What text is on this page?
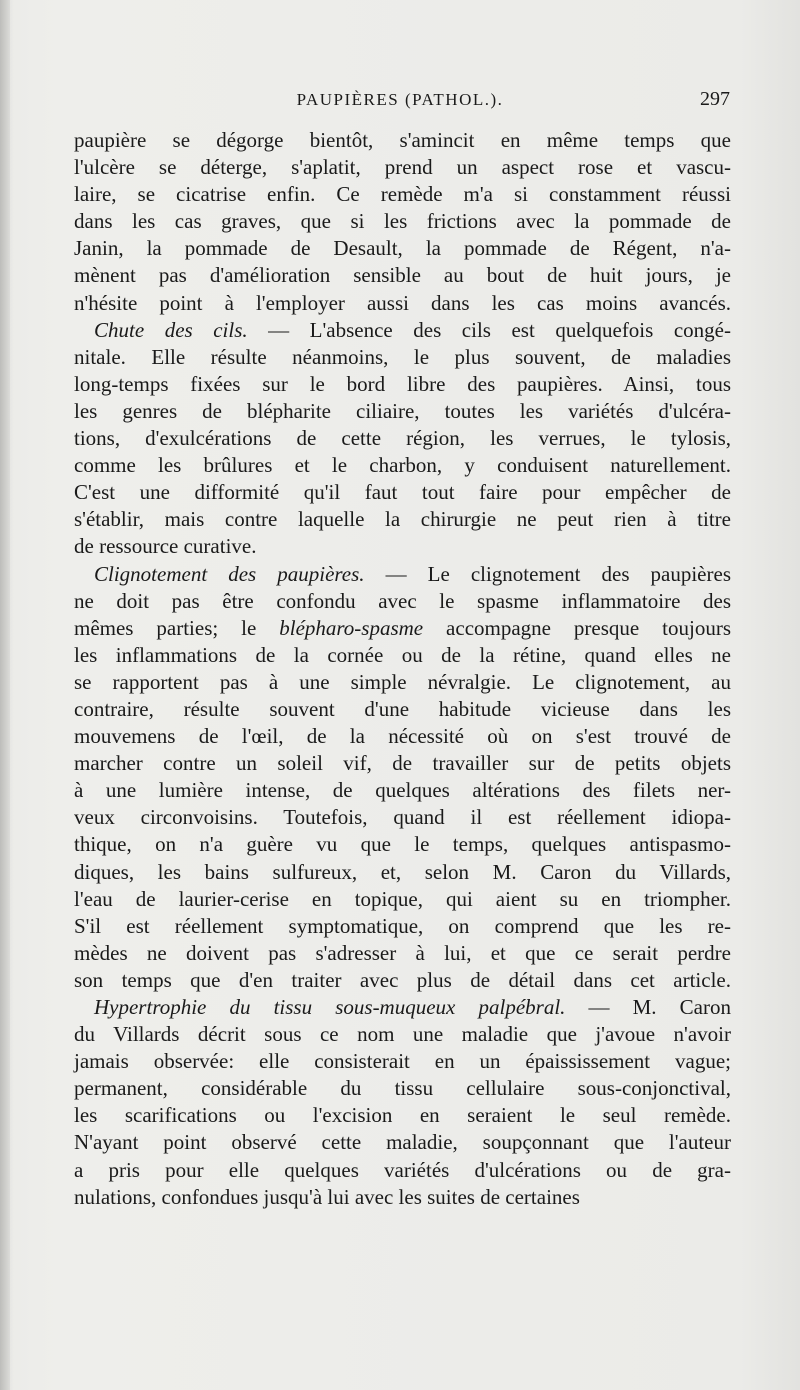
PAUPIÈRES (PATHOL.).	297
paupière se dégorge bientôt, s'amincit en même temps que
l'ulcère se déterge, s'aplatit, prend un aspect rose et vascu-
laire, se cicatrise enfin. Ce remède m'a si constamment réussi
dans les cas graves, que si les frictions avec la pommade de
Janin, la pommade de Desault, la pommade de Régent, n'a-
mènent pas d'amélioration sensible au bout de huit jours, je
n'hésite point à l'employer aussi dans les cas moins avancés.
Chute des cils. — L'absence des cils est quelquefois congé-
nitale. Elle résulte néanmoins, le plus souvent, de maladies
long-temps fixées sur le bord libre des paupières. Ainsi, tous
les genres de blépharite ciliaire, toutes les variétés d'ulcéra-
tions, d'exulcérations de cette région, les verrues, le tylosis,
comme les brûlures et le charbon, y conduisent naturellement.
C'est une difformité qu'il faut tout faire pour empêcher de
s'établir, mais contre laquelle la chirurgie ne peut rien à titre
de ressource curative.
Clignotement des paupières. — Le clignotement des paupières
ne doit pas être confondu avec le spasme inflammatoire des
mêmes parties; le blépharo-spasme accompagne presque toujours
les inflammations de la cornée ou de la rétine, quand elles ne
se rapportent pas à une simple névralgie. Le clignotement, au
contraire, résulte souvent d'une habitude vicieuse dans les
mouvemens de l'œil, de la nécessité où on s'est trouvé de
marcher contre un soleil vif, de travailler sur de petits objets
à une lumière intense, de quelques altérations des filets ner-
veux circonvoisins. Toutefois, quand il est réellement idiopa-
thique, on n'a guère vu que le temps, quelques antispasmo-
diques, les bains sulfureux, et, selon M. Caron du Villards,
l'eau de laurier-cerise en topique, qui aient su en triompher.
S'il est réellement symptomatique, on comprend que les re-
mèdes ne doivent pas s'adresser à lui, et que ce serait perdre
son temps que d'en traiter avec plus de détail dans cet article.
Hypertrophie du tissu sous-muqueux palpébral. — M. Caron
du Villards décrit sous ce nom une maladie que j'avoue n'avoir
jamais observée: elle consisterait en un épaississement vague;
permanent, considérable du tissu cellulaire sous-conjonctival,
les scarifications ou l'excision en seraient le seul remède.
N'ayant point observé cette maladie, soupçonnant que l'auteur
a pris pour elle quelques variétés d'ulcérations ou de gra-
nulations, confondues jusqu'à lui avec les suites de certaines
